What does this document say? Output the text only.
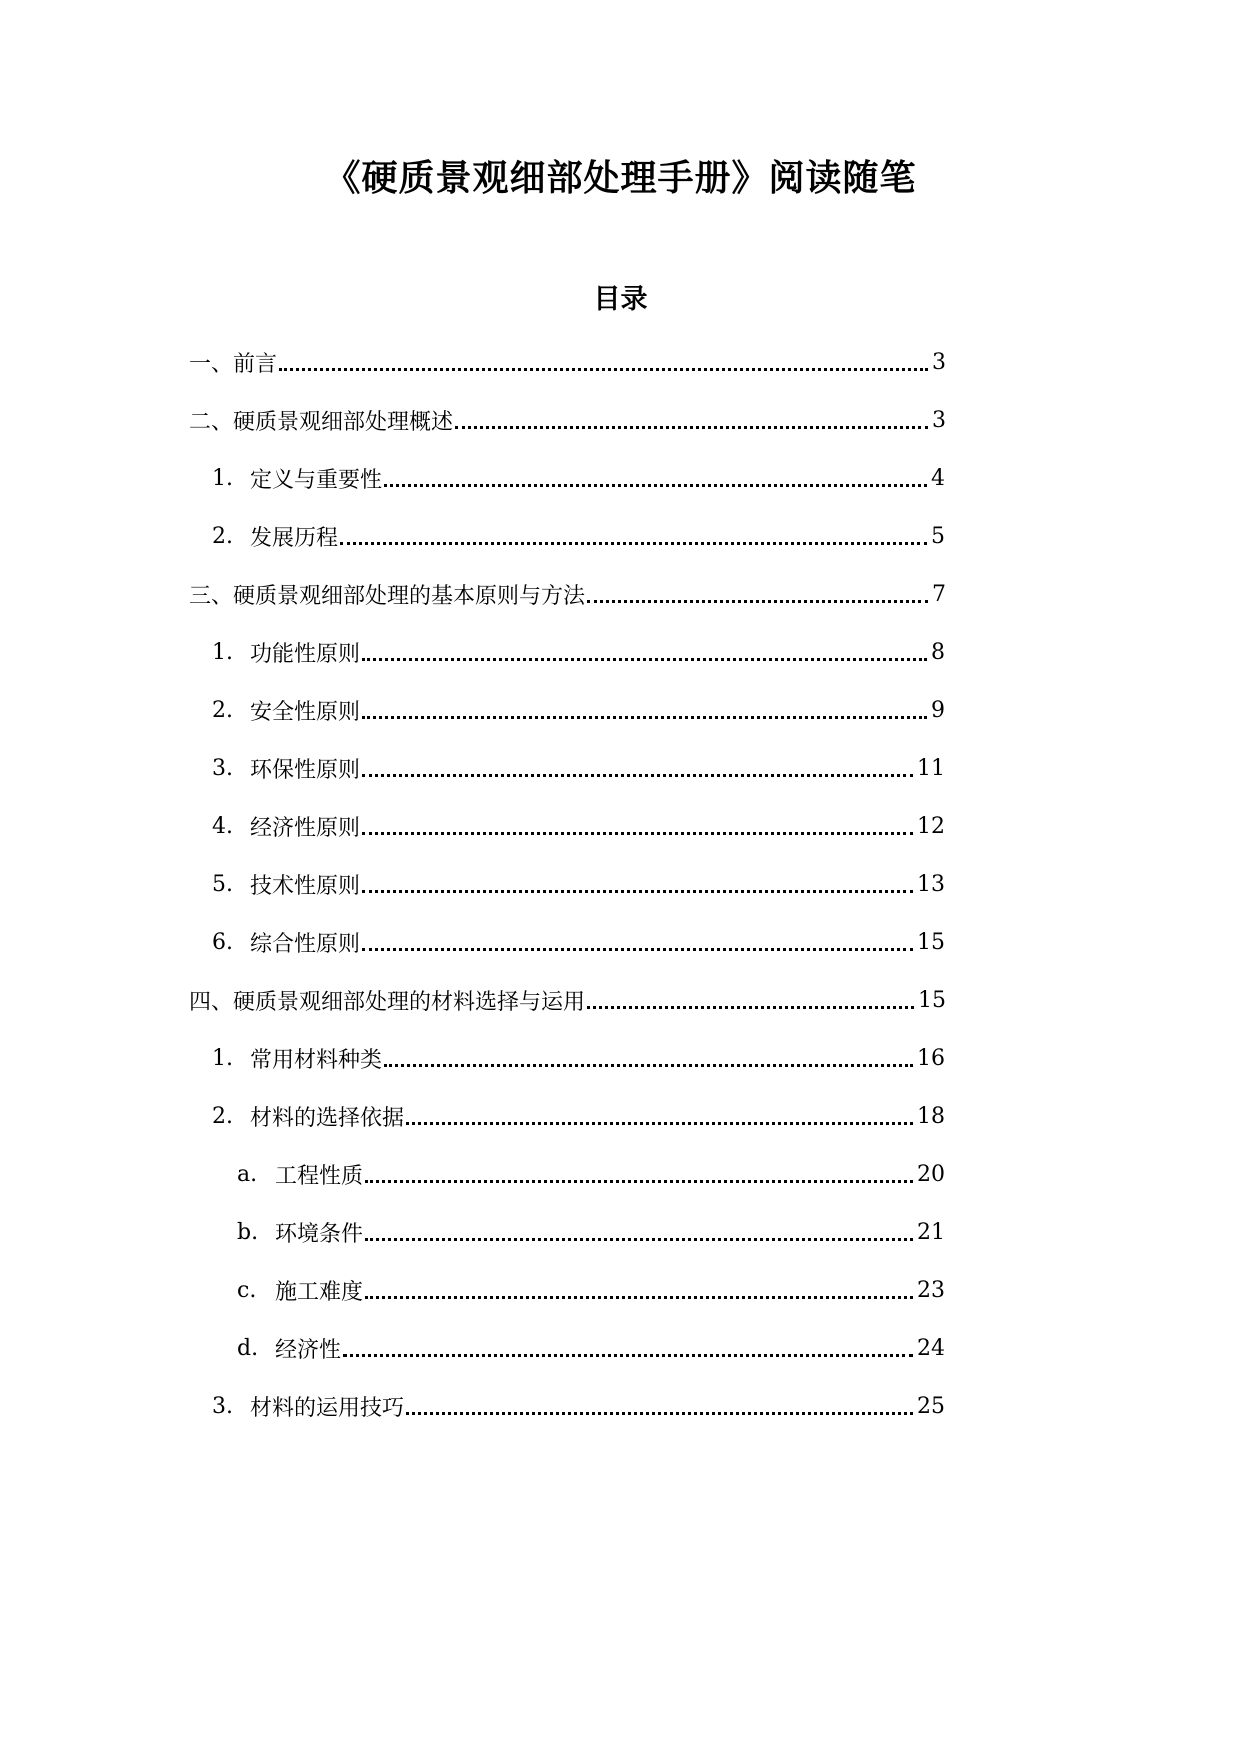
《硬质景观细部处理手册》阅读随笔
目录
一、 前言	3
二、 硬质景观细部处理概述	3
1. 定义与重要性	4
2. 发展历程	5
三、 硬质景观细部处理的基本原则与方法	7
1. 功能性原则	8
2. 安全性原则	9
3. 环保性原则	11
4. 经济性原则	12
5. 技术性原则	13
6. 综合性原则	15
四、 硬质景观细部处理的材料选择与运用	15
1. 常用材料种类	16
2. 材料的选择依据	18
a. 工程性质	20
b. 环境条件	21
c. 施工难度	23
d. 经济性	24
3. 材料的运用技巧	25
